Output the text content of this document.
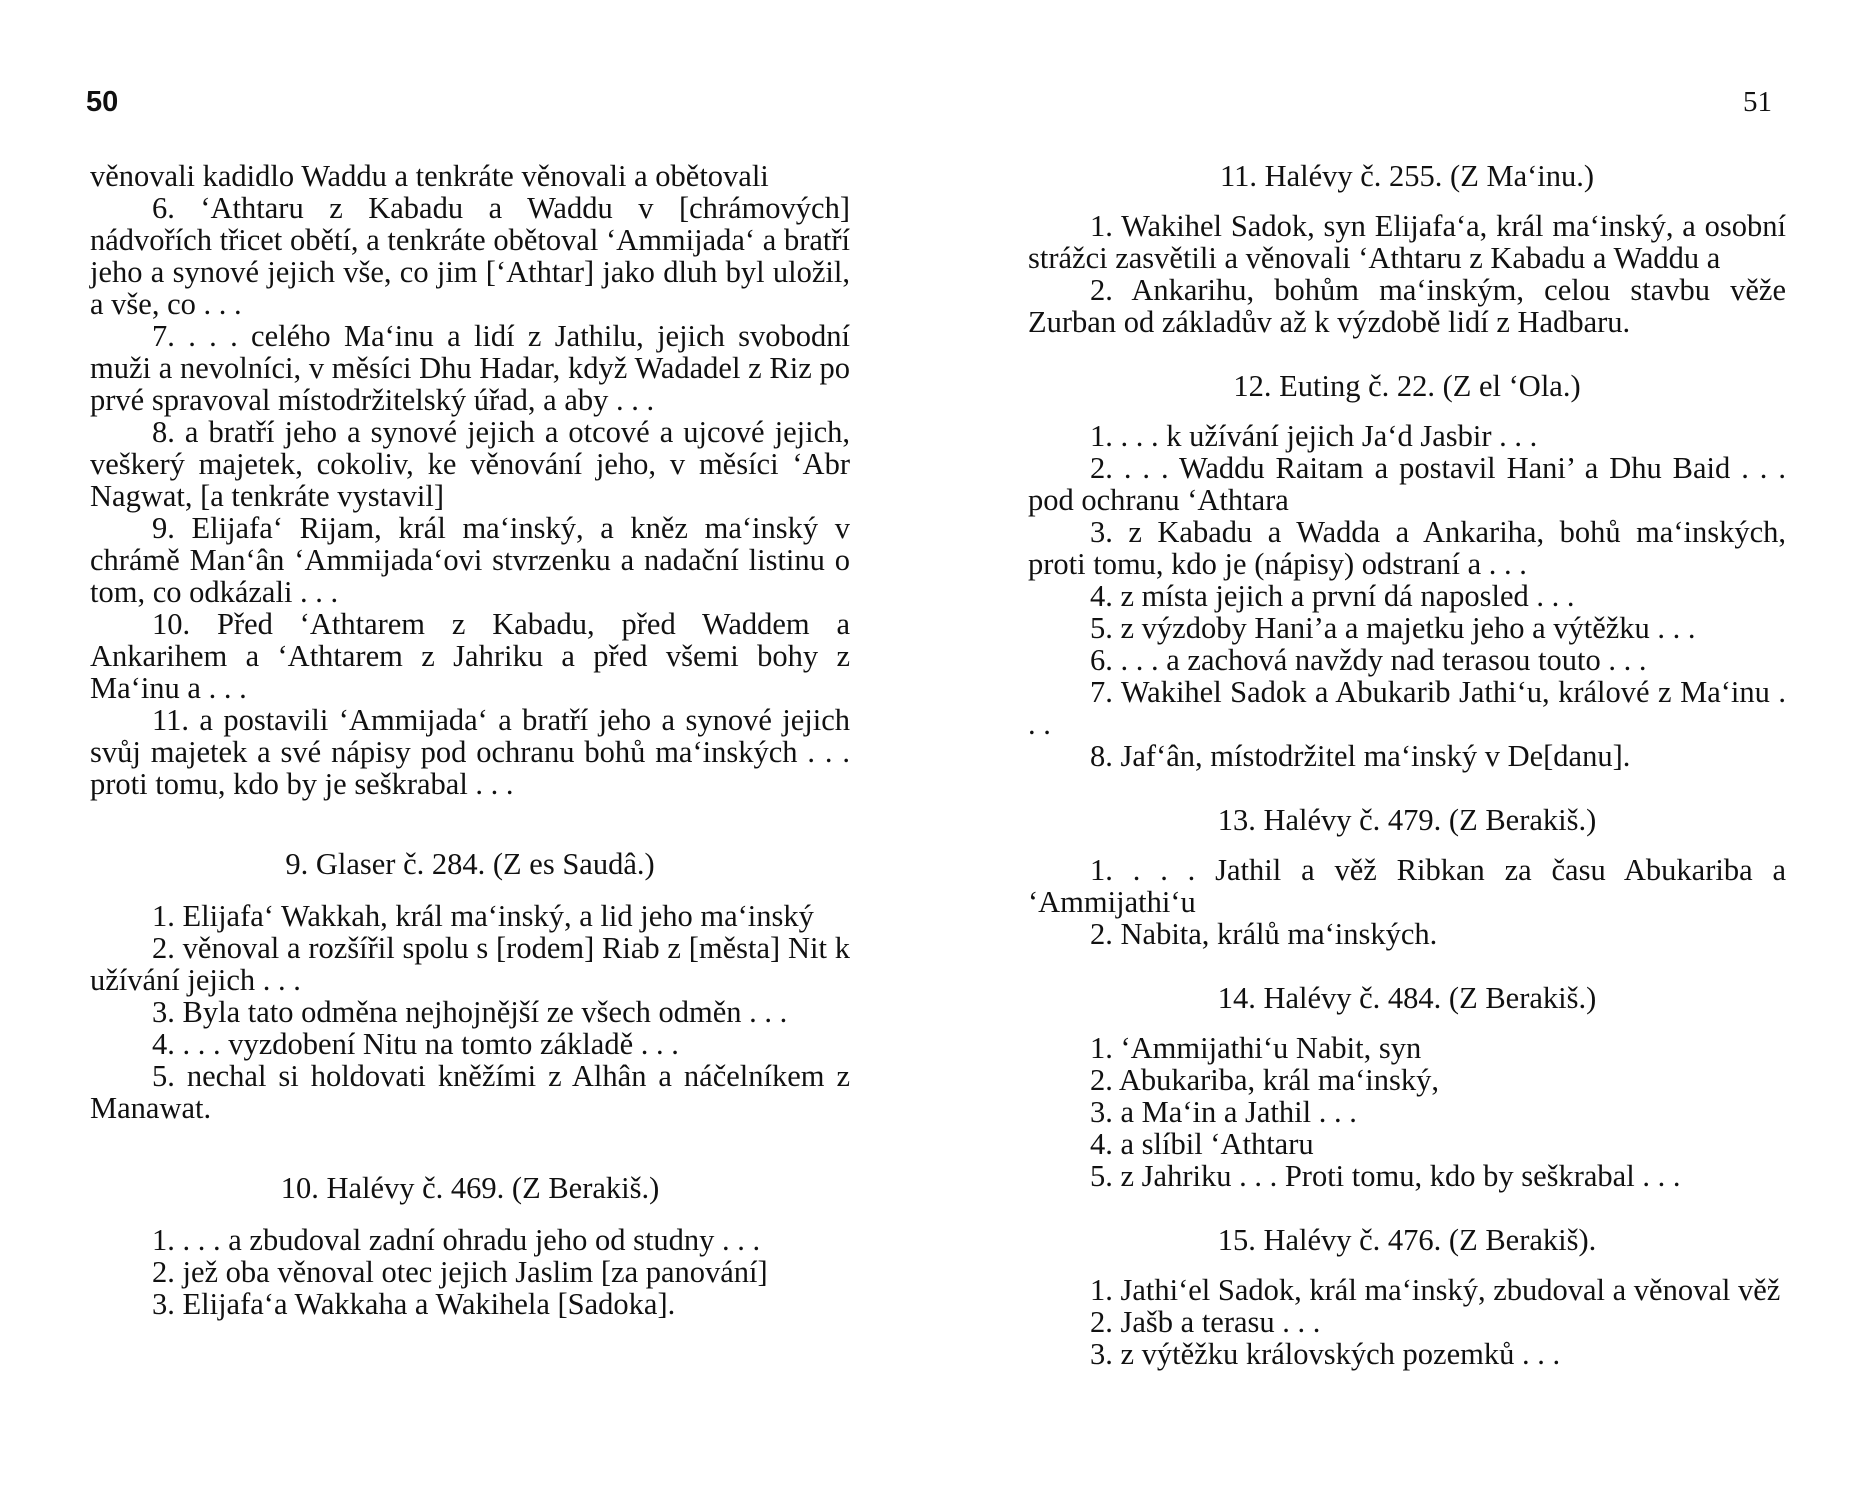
50

věnovali kadidlo Waddu a tenkráte věnovali a obětovali

6. ‘Athtaru z Kabadu a Waddu v [chrámových] nádvořích třicet obětí, a tenkráte obětoval ‘Ammijada‘ a bratří jeho a synové jejich vše, co jim [‘Athtar] jako dluh byl uložil, a vše, co . . .

7. . . . celého Ma‘inu a lidí z Jathilu, jejich svobodní muži a nevolníci, v měsíci Dhu Hadar, když Wadadel z Riz po prvé spravoval místodržitelský úřad, a aby . . .

8. a bratří jeho a synové jejich a otcové a ujcové jejich, veškerý majetek, cokoliv, ke věnování jeho, v měsíci ‘Abr Nagwat, [a tenkráte vystavil]

9. Elijafa‘ Rijam, král ma‘inský, a kněz ma‘inský v chrámě Man‘ân ‘Ammijada‘ovi stvrzenku a nadační listinu o tom, co odkázali . . .

10. Před ‘Athtarem z Kabadu, před Waddem a Ankarihem a ‘Athtarem z Jahriku a před všemi bohy z Ma‘inu a . . .

11. a postavili ‘Ammijada‘ a bratří jeho a synové jejich svůj majetek a své nápisy pod ochranu bohů ma‘inských . . . proti tomu, kdo by je seškrabal . . .

9. Glaser č. 284. (Z es Saudâ.)

1. Elijafa‘ Wakkah, král ma‘inský, a lid jeho ma‘inský

2. věnoval a rozšířil spolu s [rodem] Riab z [města] Nit k užívání jejich . . .

3. Byla tato odměna nejhojnější ze všech odměn . . .

4. . . . vyzdobení Nitu na tomto základě . . .

5. nechal si holdovati kněžími z Alhân a náčelníkem z Manawat.

10. Halévy č. 469. (Z Berakiš.)

1. . . . a zbudoval zadní ohradu jeho od studny . . .

2. jež oba věnoval otec jejich Jaslim [za panování]

3. Elijafa‘a Wakkaha a Wakihela [Sadoka].

51

11. Halévy č. 255. (Z Ma‘inu.)

1. Wakihel Sadok, syn Elijafa‘a, král ma‘inský, a osobní strážci zasvětili a věnovali ‘Athtaru z Kabadu a Waddu a

2. Ankarihu, bohům ma‘inským, celou stavbu věže Zurban od základův až k výzdobě lidí z Hadbaru.

12. Euting č. 22. (Z el ‘Ola.)

1. . . . k užívání jejich Ja‘d Jasbir . . .

2. . . . Waddu Raitam a postavil Hani’ a Dhu Baid . . . pod ochranu ‘Athtara

3. z Kabadu a Wadda a Ankariha, bohů ma‘inských, proti tomu, kdo je (nápisy) odstraní a . . .

4. z místa jejich a první dá naposled . . .

5. z výzdoby Hani’a a majetku jeho a výtěžku . . .

6. . . . a zachová navždy nad terasou touto . . .

7. Wakihel Sadok a Abukarib Jathi‘u, králové z Ma‘inu . . .

8. Jaf‘ân, místodržitel ma‘inský v De[danu].

13. Halévy č. 479. (Z Berakiš.)

1. . . . Jathil a věž Ribkan za času Abukariba a ‘Ammijathi‘u

2. Nabita, králů ma‘inských.

14. Halévy č. 484. (Z Berakiš.)

1. ‘Ammijathi‘u Nabit, syn

2. Abukariba, král ma‘inský,

3. a Ma‘in a Jathil . . .

4. a slíbil ‘Athtaru

5. z Jahriku . . . Proti tomu, kdo by seškrabal . . .

15. Halévy č. 476. (Z Berakiš).

1. Jathi‘el Sadok, král ma‘inský, zbudoval a věnoval věž

2. Jašb a terasu . . .

3. z výtěžku královských pozemků . . .
